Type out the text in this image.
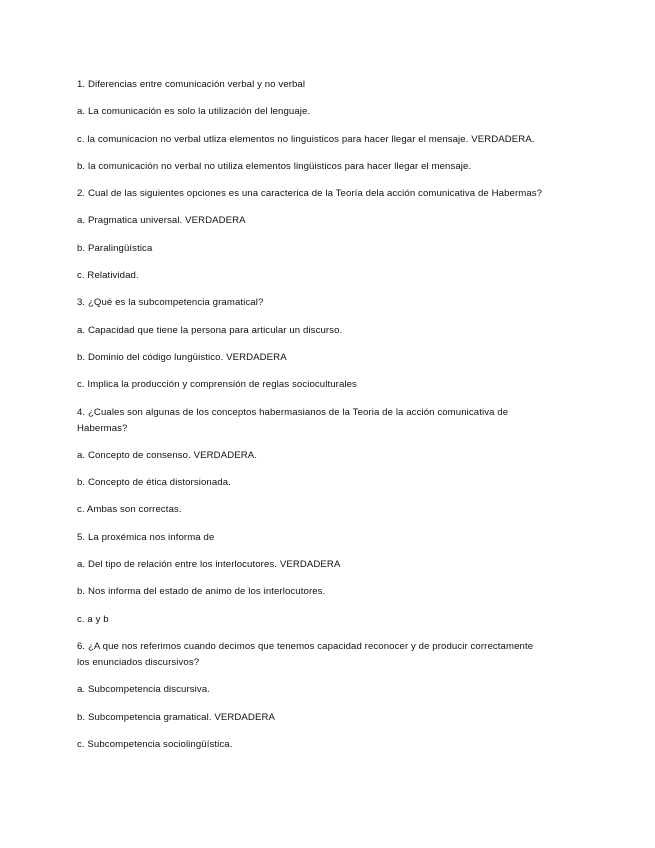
1. Diferencias entre comunicación verbal y no verbal

a. La comunicación es solo la utilización del lenguaje.

c. la comunicacion no verbal utliza elementos no linguisticos para hacer llegar el mensaje. VERDADERA.

b. la comunicación no verbal no utiliza elementos lingüisticos para hacer llegar el mensaje.

2. Cual de las siguientes opciones es una caracterica de la Teoría dela acción comunicativa de Habermas?

a. Pragmatica universal. VERDADERA

b. Paralingüística

c. Relatividad.

3. ¿Qué es la subcompetencia gramatical?

a. Capacidad que tiene la persona para articular un discurso.

b. Dominio del código lungüistico. VERDADERA

c. Implica la producción y comprensión de reglas socioculturales

4. ¿Cuales son algunas de los conceptos habermasianos de la Teoria de la acción comunicativa de
Habermas?

a. Concepto de consenso. VERDADERA.

b. Concepto de ética distorsionada.

c. Ambas son correctas.

5. La proxémica nos informa de

a. Del tipo de relación entre los interlocutores. VERDADERA

b. Nos informa del estado de animo de los interlocutores.

c. a y b

6. ¿A que nos referimos cuando decimos que tenemos capacidad reconocer y de producir correctamente
los enunciados discursivos?

a. Subcompetencia discursiva.

b. Subcompetencia gramatical. VERDADERA

c. Subcompetencia sociolingüística.
